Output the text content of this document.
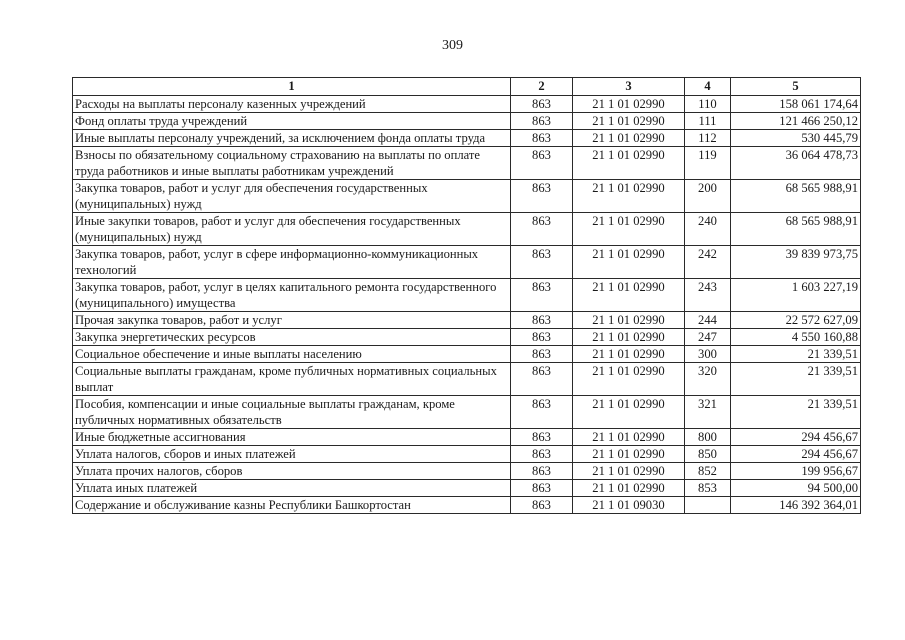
309
1	2	3	4	5
Расходы на выплаты персоналу казенных учреждений	863	21 1 01 02990	110	158 061 174,64
Фонд оплаты труда учреждений	863	21 1 01 02990	111	121 466 250,12
Иные выплаты персоналу учреждений, за исключением фонда оплаты труда	863	21 1 01 02990	112	530 445,79
Взносы по обязательному социальному страхованию на выплаты по оплате труда работников и иные выплаты работникам учреждений	863	21 1 01 02990	119	36 064 478,73
Закупка товаров, работ и услуг для обеспечения государственных (муниципальных) нужд	863	21 1 01 02990	200	68 565 988,91
Иные закупки товаров, работ и услуг для обеспечения государственных (муниципальных) нужд	863	21 1 01 02990	240	68 565 988,91
Закупка товаров, работ, услуг в сфере информационно-коммуникационных технологий	863	21 1 01 02990	242	39 839 973,75
Закупка товаров, работ, услуг в целях капитального ремонта государственного (муниципального) имущества	863	21 1 01 02990	243	1 603 227,19
Прочая закупка товаров, работ и услуг	863	21 1 01 02990	244	22 572 627,09
Закупка энергетических ресурсов	863	21 1 01 02990	247	4 550 160,88
Социальное обеспечение и иные выплаты населению	863	21 1 01 02990	300	21 339,51
Социальные выплаты гражданам, кроме публичных нормативных социальных выплат	863	21 1 01 02990	320	21 339,51
Пособия, компенсации и иные социальные выплаты гражданам, кроме публичных нормативных обязательств	863	21 1 01 02990	321	21 339,51
Иные бюджетные ассигнования	863	21 1 01 02990	800	294 456,67
Уплата налогов, сборов и иных платежей	863	21 1 01 02990	850	294 456,67
Уплата прочих налогов, сборов	863	21 1 01 02990	852	199 956,67
Уплата иных платежей	863	21 1 01 02990	853	94 500,00
Содержание и обслуживание казны Республики Башкортостан	863	21 1 01 09030		146 392 364,01
